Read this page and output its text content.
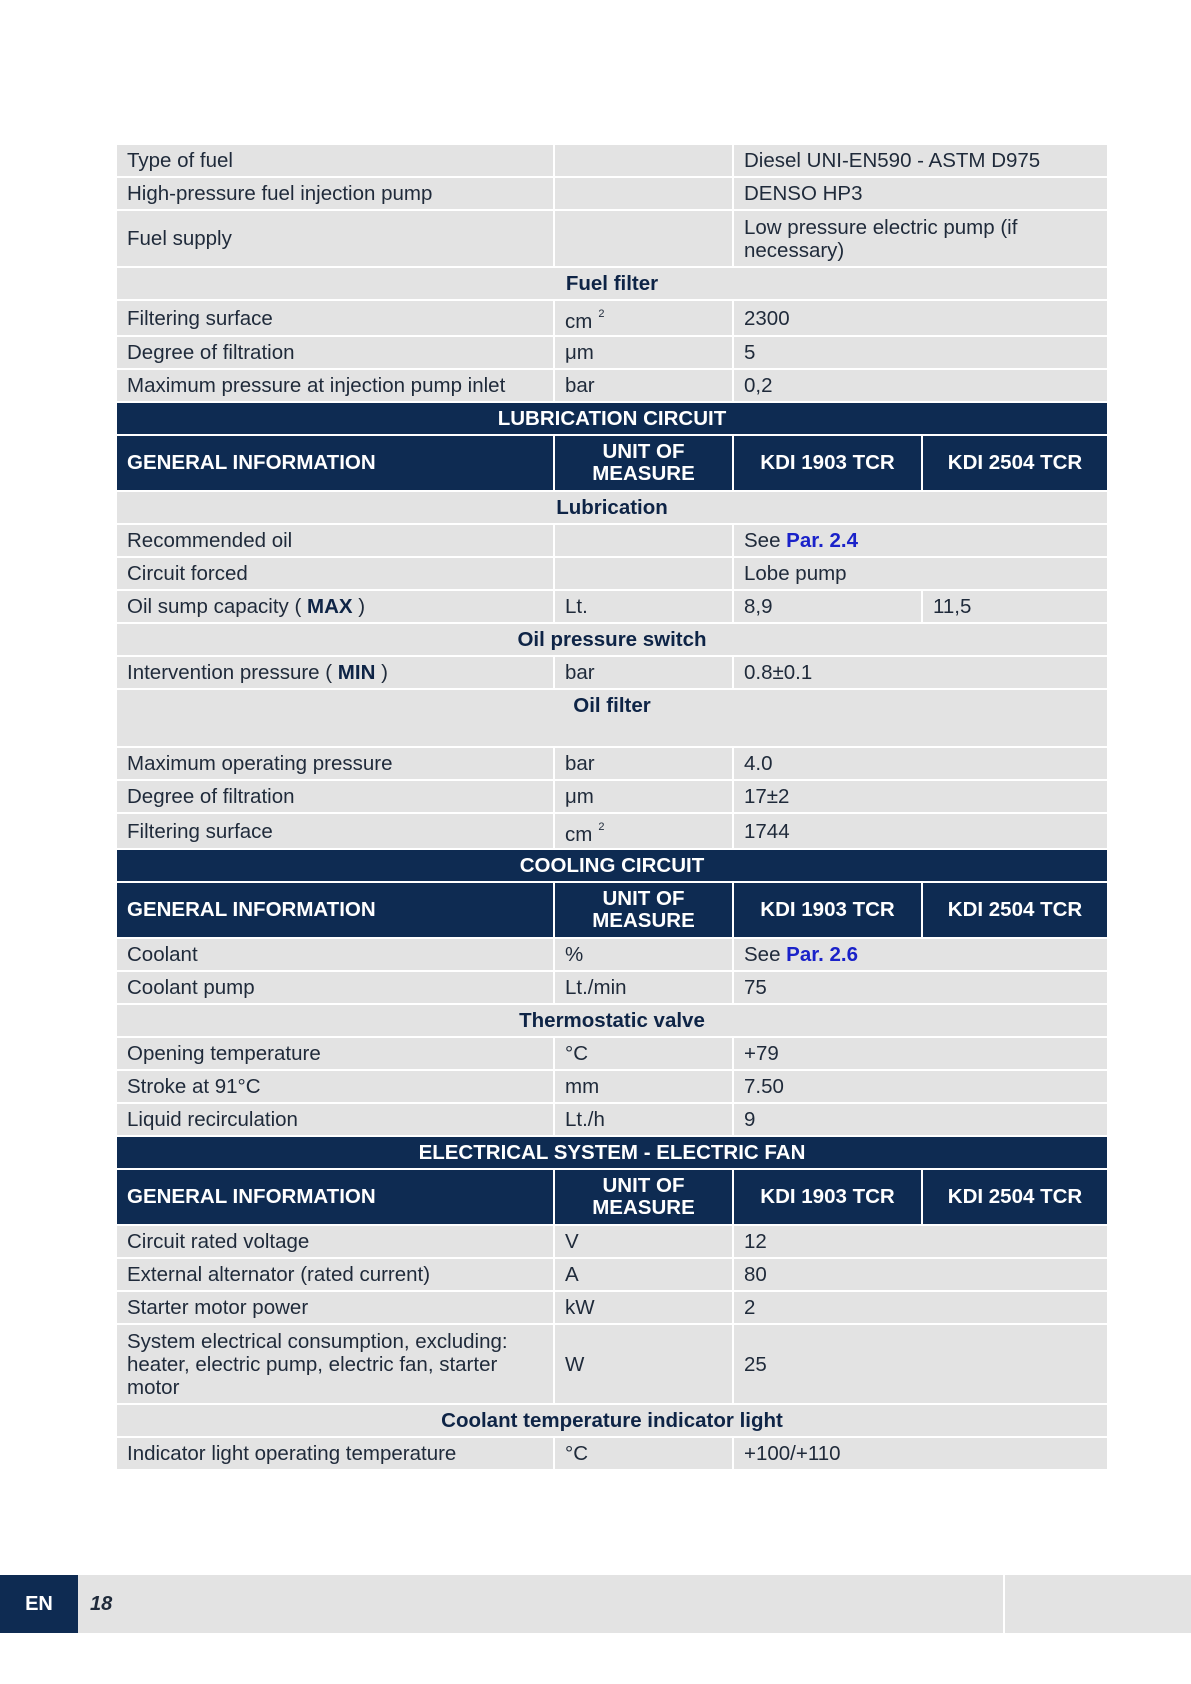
Type of fuel		Diesel UNI-EN590 - ASTM D975	
High-pressure fuel injection pump		DENSO HP3	
Fuel supply		Low pressure electric pump (if necessary)	
Fuel filter			
Filtering surface	cm $^2$	2300	
Degree of filtration	μm	5	
Maximum pressure at injection pump inlet	bar	0,2	
LUBRICATION CIRCUIT			
GENERAL INFORMATION	UNIT OF MEASURE	KDI 1903 TCR	KDI 2504 TCR
Lubrication			
Recommended oil		See Par. 2.4	
Circuit forced		Lobe pump	
Oil sump capacity ( MAX )	Lt.	8,9	11,5
Oil pressure switch			
Intervention pressure ( MIN )	bar	0.8±0.1	
Oil filter			
Maximum operating pressure	bar	4.0	
Degree of filtration	μm	17±2	
Filtering surface	cm $^2$	1744	
COOLING CIRCUIT			
GENERAL INFORMATION	UNIT OF MEASURE	KDI 1903 TCR	KDI 2504 TCR
Coolant	%	See Par. 2.6	
Coolant pump	Lt./min	75	
Thermostatic valve			
Opening temperature	°C	+79	
Stroke at 91°C	mm	7.50	
Liquid recirculation	Lt./h	9	
ELECTRICAL SYSTEM - ELECTRIC FAN			
GENERAL INFORMATION	UNIT OF MEASURE	KDI 1903 TCR	KDI 2504 TCR
Circuit rated voltage	V	12	
External alternator (rated current)	A	80	
Starter motor power	kW	2	
System electrical consumption, excluding: heater, electric pump, electric fan, starter motor	W	25	
Coolant temperature indicator light			
Indicator light operating temperature	°C	+100/+110	
EN	18
